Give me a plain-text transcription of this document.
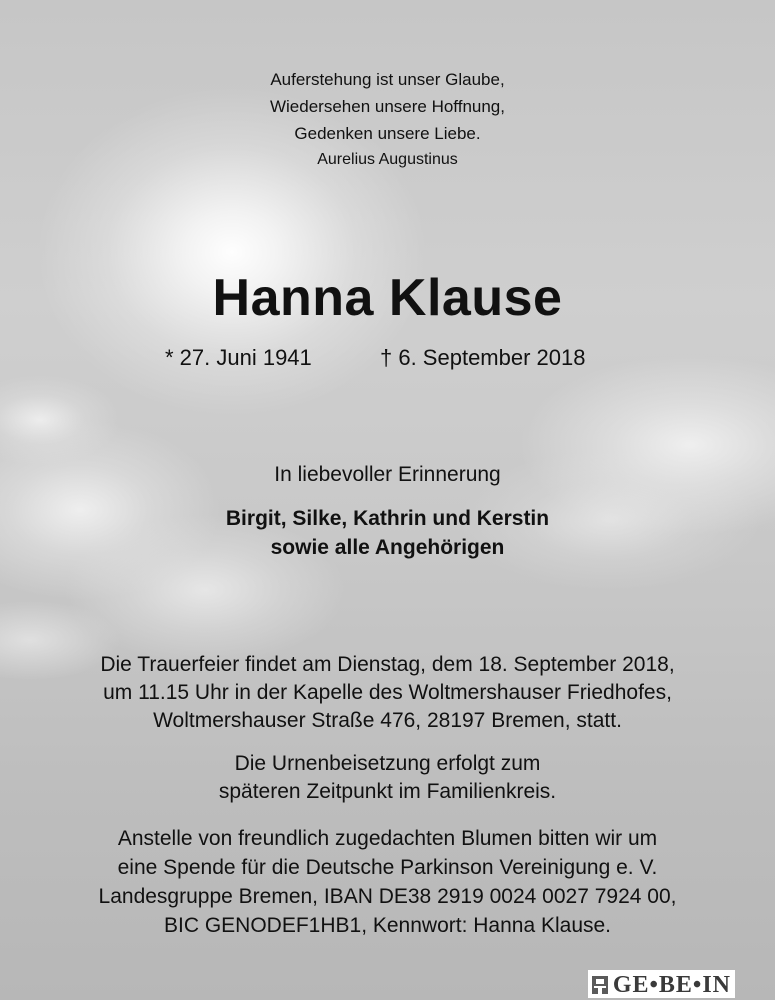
Auferstehung ist unser Glaube,
Wiedersehen unsere Hoffnung,
Gedenken unsere Liebe.
Aurelius Augustinus
Hanna Klause
* 27. Juni 1941	† 6. September 2018
In liebevoller Erinnerung
Birgit, Silke, Kathrin und Kerstin
sowie alle Angehörigen
Die Trauerfeier findet am Dienstag, dem 18. September 2018,
um 11.15 Uhr in der Kapelle des Woltmershauser Friedhofes,
Woltmershauser Straße 476, 28197 Bremen, statt.
Die Urnenbeisetzung erfolgt zum
späteren Zeitpunkt im Familienkreis.
Anstelle von freundlich zugedachten Blumen bitten wir um
eine Spende für die Deutsche Parkinson Vereinigung e. V.
Landesgruppe Bremen, IBAN DE38 2919 0024 0027 7924 00,
BIC GENODEF1HB1, Kennwort: Hanna Klause.
GE•BE•IN
